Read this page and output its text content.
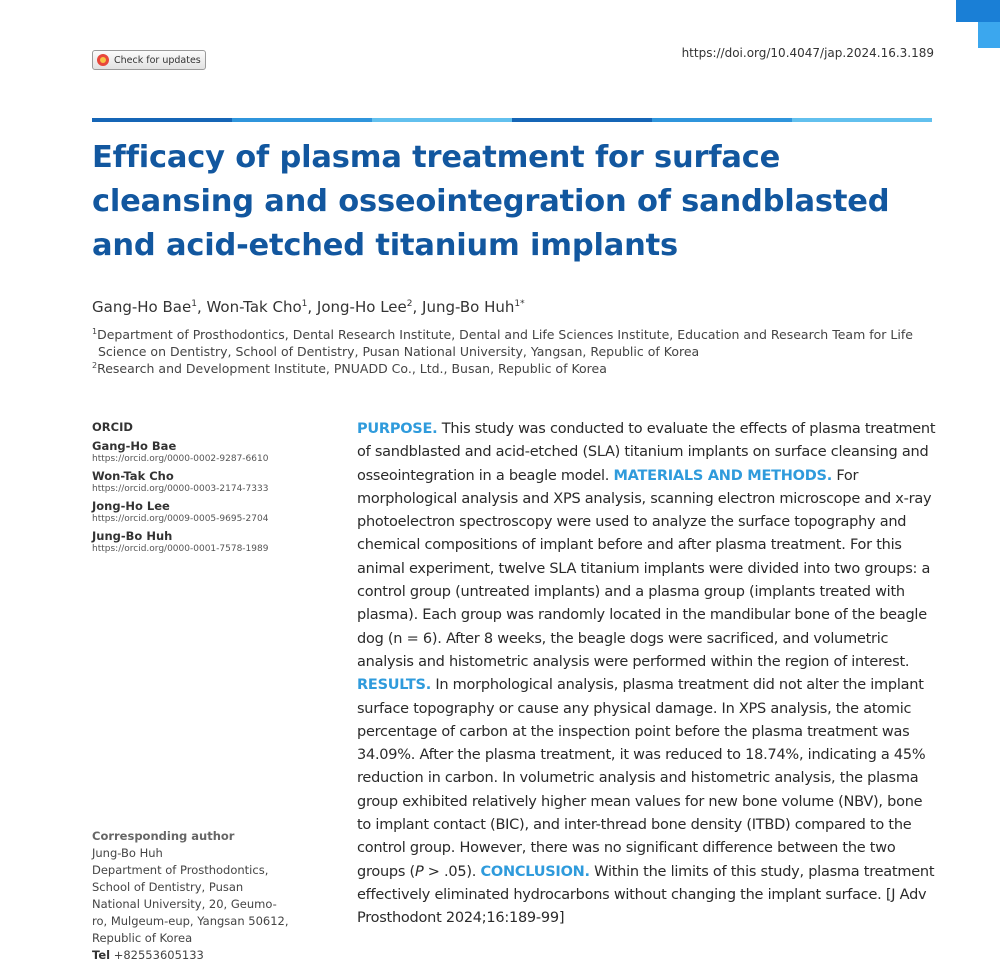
Check for updates	https://doi.org/10.4047/jap.2024.16.3.189
Efficacy of plasma treatment for surface cleansing and osseointegration of sandblasted and acid-etched titanium implants
Gang-Ho Bae$^1$, Won-Tak Cho$^1$, Jong-Ho Lee$^2$, Jung-Bo Huh$^{1*}$
$^1$Department of Prosthodontics, Dental Research Institute, Dental and Life Sciences Institute, Education and Research Team for Life
Science on Dentistry, School of Dentistry, Pusan National University, Yangsan, Republic of Korea
$^2$Research and Development Institute, PNUADD Co., Ltd., Busan, Republic of Korea
ORCID
Gang-Ho Bae
https://orcid.org/0000-0002-9287-6610
Won-Tak Cho
https://orcid.org/0000-0003-2174-7333
Jong-Ho Lee
https://orcid.org/0009-0005-9695-2704
Jung-Bo Huh
https://orcid.org/0000-0001-7578-1989
Corresponding author
Jung-Bo Huh
Department of Prosthodontics,
School of Dentistry, Pusan
National University, 20, Geumo-
ro, Mulgeum-eup, Yangsan 50612,
Republic of Korea
Tel +82553605133

PURPOSE. This study was conducted to evaluate the effects of plasma treatment of sandblasted and acid-etched (SLA) titanium implants on surface cleansing and osseointegration in a beagle model. MATERIALS AND METHODS. For morphological analysis and XPS analysis, scanning electron microscope and x-ray photoelectron spectroscopy were used to analyze the surface topography and chemical compositions of implant before and after plasma treatment. For this animal experiment, twelve SLA titanium implants were divided into two groups: a control group (untreated implants) and a plasma group (implants treated with plasma). Each group was randomly located in the mandibular bone of the beagle dog (n = 6). After 8 weeks, the beagle dogs were sacrificed, and volumetric analysis and histometric analysis were performed within the region of interest. RESULTS. In morphological analysis, plasma treatment did not alter the implant surface topography or cause any physical damage. In XPS analysis, the atomic percentage of carbon at the inspection point before the plasma treatment was 34.09%. After the plasma treatment, it was reduced to 18.74%, indicating a 45% reduction in carbon. In volumetric analysis and histometric analysis, the plasma group exhibited relatively higher mean values for new bone volume (NBV), bone to implant contact (BIC), and inter-thread bone density (ITBD) compared to the control group. However, there was no significant difference between the two groups (P > .05). CONCLUSION. Within the limits of this study, plasma treatment effectively eliminated hydrocarbons without changing the implant surface. [J Adv Prosthodont 2024;16:189-99]
